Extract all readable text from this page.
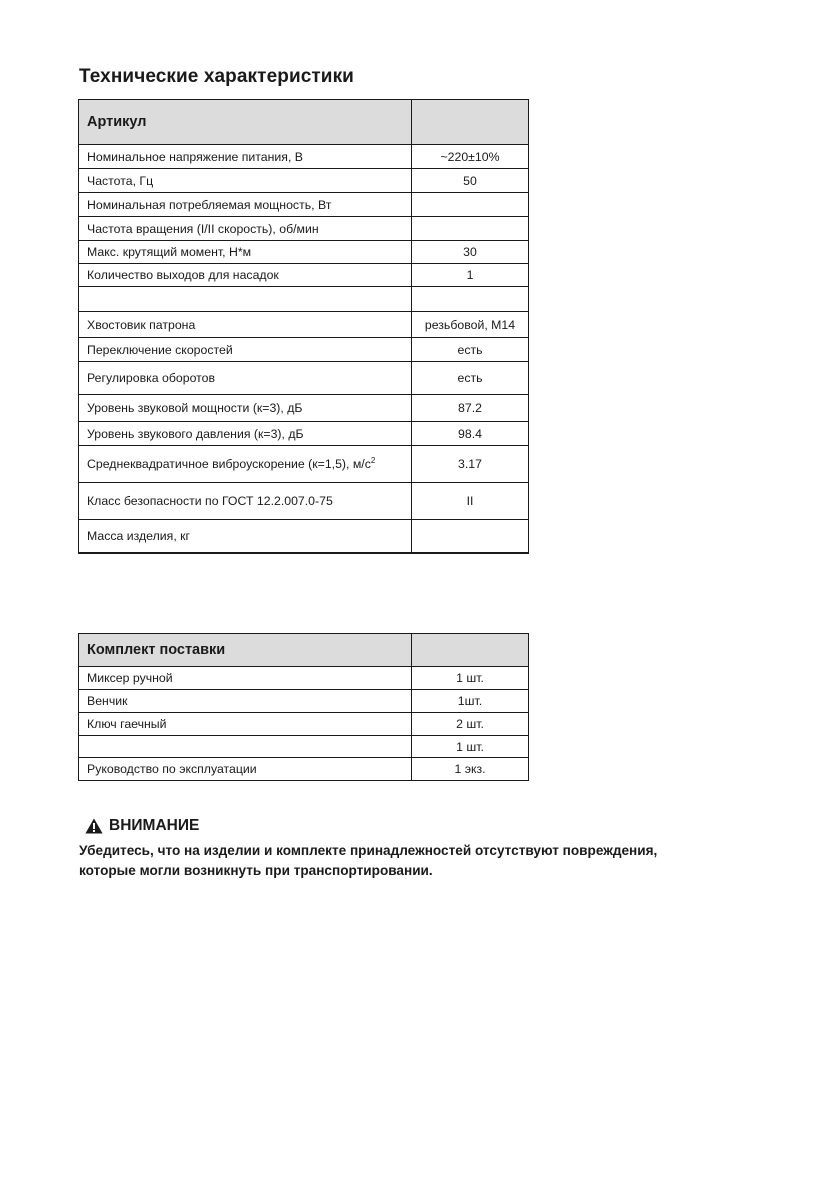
Технические характеристики
Артикул	
Номинальное напряжение питания, В	~220±10%
Частота, Гц	50
Номинальная потребляемая мощность, Вт	
Частота вращения (I/II скорость), об/мин	
Макс. крутящий момент, Н*м	30
Количество выходов для насадок	1

Хвостовик патрона	резьбовой, М14
Переключение скоростей	есть
Регулировка оборотов	есть
Уровень звуковой мощности (к=3), дБ	87.2
Уровень звукового давления (к=3), дБ	98.4
Среднеквадратичное виброускорение (к=1,5), $м/с^2$	3.17
Класс безопасности по ГОСТ 12.2.007.0-75	II
Масса изделия, кг	
Комплект поставки	
Миксер ручной	1 шт.
Венчик	1шт.
Ключ гаечный	2 шт.
	1 шт.
Руководство по эксплуатации	1 экз.
ВНИМАНИЕ
Убедитесь, что на изделии и комплекте принадлежностей отсутствуют повреждения,
которые могли возникнуть при транспортировании.
